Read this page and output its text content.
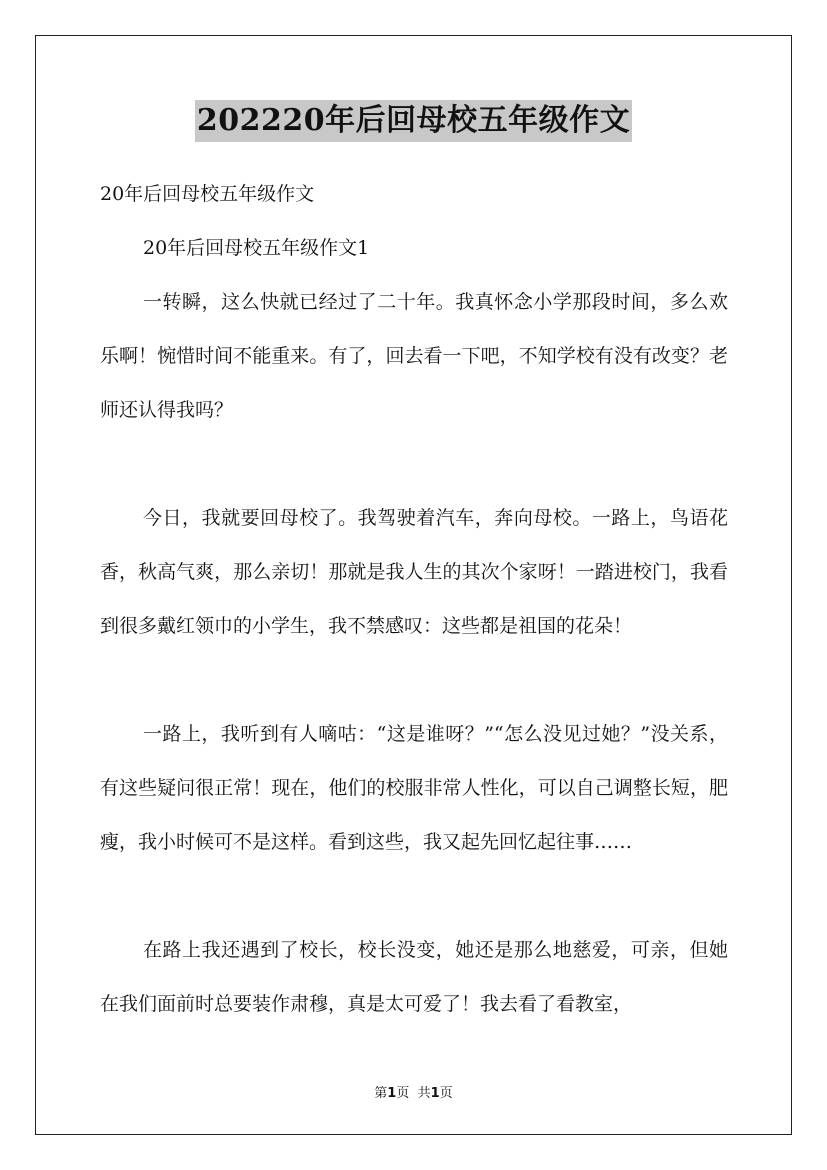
202220年后回母校五年级作文
20年后回母校五年级作文
20年后回母校五年级作文1

一转瞬，这么快就已经过了二十年。我真怀念小学那段时间，多么欢乐啊！惋惜时间不能重来。有了，回去看一下吧，不知学校有没有改变？老师还认得我吗？

今日，我就要回母校了。我驾驶着汽车，奔向母校。一路上，鸟语花香，秋高气爽，那么亲切！那就是我人生的其次个家呀！一踏进校门，我看到很多戴红领巾的小学生，我不禁感叹：这些都是祖国的花朵！

一路上，我听到有人嘀咕：“这是谁呀？”“怎么没见过她？”没关系，有这些疑问很正常！现在，他们的校服非常人性化，可以自己调整长短，肥瘦，我小时候可不是这样。看到这些，我又起先回忆起往事……

在路上我还遇到了校长，校长没变，她还是那么地慈爱，可亲，但她在我们面前时总要装作肃穆，真是太可爱了！我去看了看教室，

第1页 共1页
